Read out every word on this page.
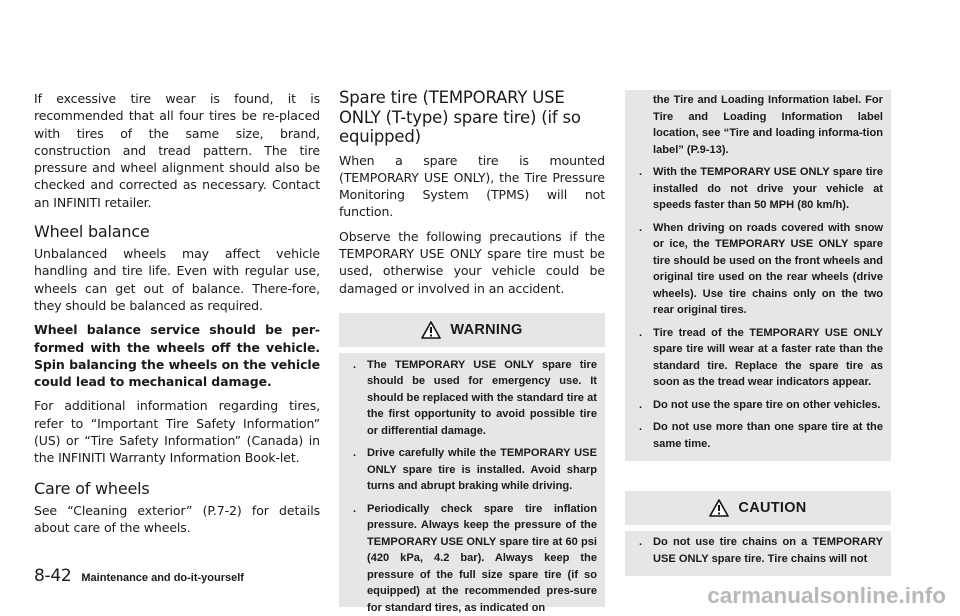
If excessive tire wear is found, it is recommended that all four tires be re-placed with tires of the same size, brand, construction and tread pattern. The tire pressure and wheel alignment should also be checked and corrected as necessary. Contact an INFINITI retailer.

Wheel balance

Unbalanced wheels may affect vehicle handling and tire life. Even with regular use, wheels can get out of balance. There-fore, they should be balanced as required.

Wheel balance service should be per-formed with the wheels off the vehicle. Spin balancing the wheels on the vehicle could lead to mechanical damage.

For additional information regarding tires, refer to “Important Tire Safety Information” (US) or “Tire Safety Information” (Canada) in the INFINITI Warranty Information Book-let.

Care of wheels

See “Cleaning exterior” (P.7-2) for details about care of the wheels.

Spare tire (TEMPORARY USE ONLY (T-type) spare tire) (if so equipped)

When a spare tire is mounted (TEMPORARY USE ONLY), the Tire Pressure Monitoring System (TPMS) will not function.

Observe the following precautions if the TEMPORARY USE ONLY spare tire must be used, otherwise your vehicle could be damaged or involved in an accident.

WARNING
. The TEMPORARY USE ONLY spare tire should be used for emergency use. It should be replaced with the standard tire at the first opportunity to avoid possible tire or differential damage.
. Drive carefully while the TEMPORARY USE ONLY spare tire is installed. Avoid sharp turns and abrupt braking while driving.
. Periodically check spare tire inflation pressure. Always keep the pressure of the TEMPORARY USE ONLY spare tire at 60 psi (420 kPa, 4.2 bar). Always keep the pressure of the full size spare tire (if so equipped) at the recommended pres-sure for standard tires, as indicated on
the Tire and Loading Information label. For Tire and Loading Information label location, see “Tire and loading informa-tion label” (P.9-13).
. With the TEMPORARY USE ONLY spare tire installed do not drive your vehicle at speeds faster than 50 MPH (80 km/h).
. When driving on roads covered with snow or ice, the TEMPORARY USE ONLY spare tire should be used on the front wheels and original tire used on the rear wheels (drive wheels). Use tire chains only on the two rear original tires.
. Tire tread of the TEMPORARY USE ONLY spare tire will wear at a faster rate than the standard tire. Replace the spare tire as soon as the tread wear indicators appear.
. Do not use the spare tire on other vehicles.
. Do not use more than one spare tire at the same time.
CAUTION
. Do not use tire chains on a TEMPORARY USE ONLY spare tire. Tire chains will not
8-42 Maintenance and do-it-yourself
carmanualsonline.info
